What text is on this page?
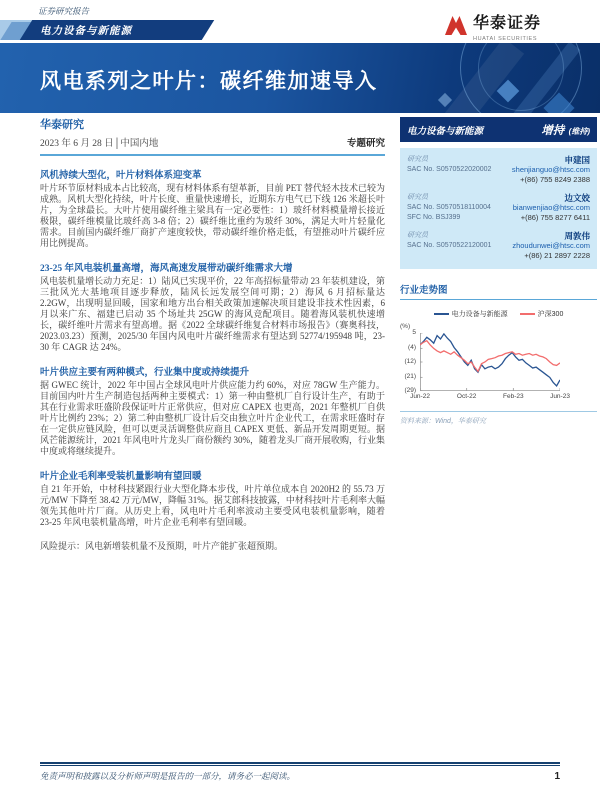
证券研究报告
电力设备与新能源	华泰证券
HUATAI SECURITIES
风电系列之叶片：碳纤维加速导入
华泰研究
2023 年 6 月 28 日│中国内地	专题研究
风机持续大型化，叶片材料体系迎变革

叶片环节原材料成本占比较高，现有材料体系有望革新，目前 PET 替代轻木技术已较为成熟。风机大型化持续，叶片长度、重量快速增长，近期东方电气已下线 126 米超长叶片，为全球最长。大叶片使用碳纤维主梁具有一定必要性：1）玻纤材料模量增长接近极限，碳纤维模量比玻纤高 3-8 倍；2）碳纤维比重约为玻纤 30%，满足大叶片轻量化需求。目前国内碳纤维厂商扩产速度较快，带动碳纤维价格走低，有望推动叶片碳纤应用比例提高。

23-25 年风电装机量高增，海风高速发展带动碳纤维需求大增

风电装机量增长动力充足：1）陆风已实现平价，22 年高招标量带动 23 年装机建设，第三批风光大基地项目逐步释放，陆风长远发展空间可期；2）海风 6 月招标量达 2.2GW，出现明显回暖，国家和地方出台相关政策加速解决项目建设非技术性因素，6 月以来广东、福建已启动 35 个场址共 25GW 的海风竞配项目。随着海风装机快速增长，碳纤维叶片需求有望高增。据《2022 全球碳纤维复合材料市场报告》（赛奥科技，2023.03.23）预测，2025/30 年国内风电叶片碳纤维需求有望达到 52774/195948 吨，23-30 年 CAGR 达 24%。

叶片供应主要有两种模式，行业集中度或持续提升

据 GWEC 统计，2022 年中国占全球风电叶片供应能力约 60%，对应 78GW 生产能力。目前国内叶片生产制造包括两种主要模式：1）第一种由整机厂自行设计生产，有助于其在行业需求旺盛阶段保证叶片正常供应，但对应 CAPEX 也更高，2021 年整机厂自供叶片比例约 23%；2）第二种由整机厂设计后交由独立叶片企业代工，在需求旺盛时存在一定供应链风险，但可以更灵活调整供应商且 CAPEX 更低、新品开发周期更短。据风芒能源统计，2021 年风电叶片龙头厂商份额约 30%，随着龙头厂商开展收购，行业集中度或将继续提升。

叶片企业毛利率受装机量影响有望回暖

自 21 年开始，中材科技紧跟行业大型化降本步伐，叶片单位成本自 2020H2 的 55.73 万元/MW 下降至 38.42 万元/MW，降幅 31%。据艾郎科技披露，中材科技叶片毛利率大幅领先其他叶片厂商。从历史上看，风电叶片毛利率波动主要受风电装机量影响，随着 23-25 年风电装机量高增，叶片企业毛利率有望回暖。

风险提示：风电新增装机量不及预期，叶片产能扩张超预期。
电力设备与新能源	增持 (维持)
研究员
SAC No. S0570522020002
申建国
shenjianguo@htsc.com
+(86) 755 8249 2388
研究员
SAC No. S0570518110004
SFC No. BSJ399
边文姣
bianwenjiao@htsc.com
+(86) 755 8277 6411
研究员
SAC No. S0570522120001
周敦伟
zhoudunwei@htsc.com
+(86) 21 2897 2228
行业走势图
电力设备与新能源	沪深300
(%)
5
(4)
(12)
(21)
(29)
Jun-22	Oct-22	Feb-23	Jun-23
资料来源：Wind，华泰研究
免责声明和披露以及分析师声明是报告的一部分，请务必一起阅读。	1
